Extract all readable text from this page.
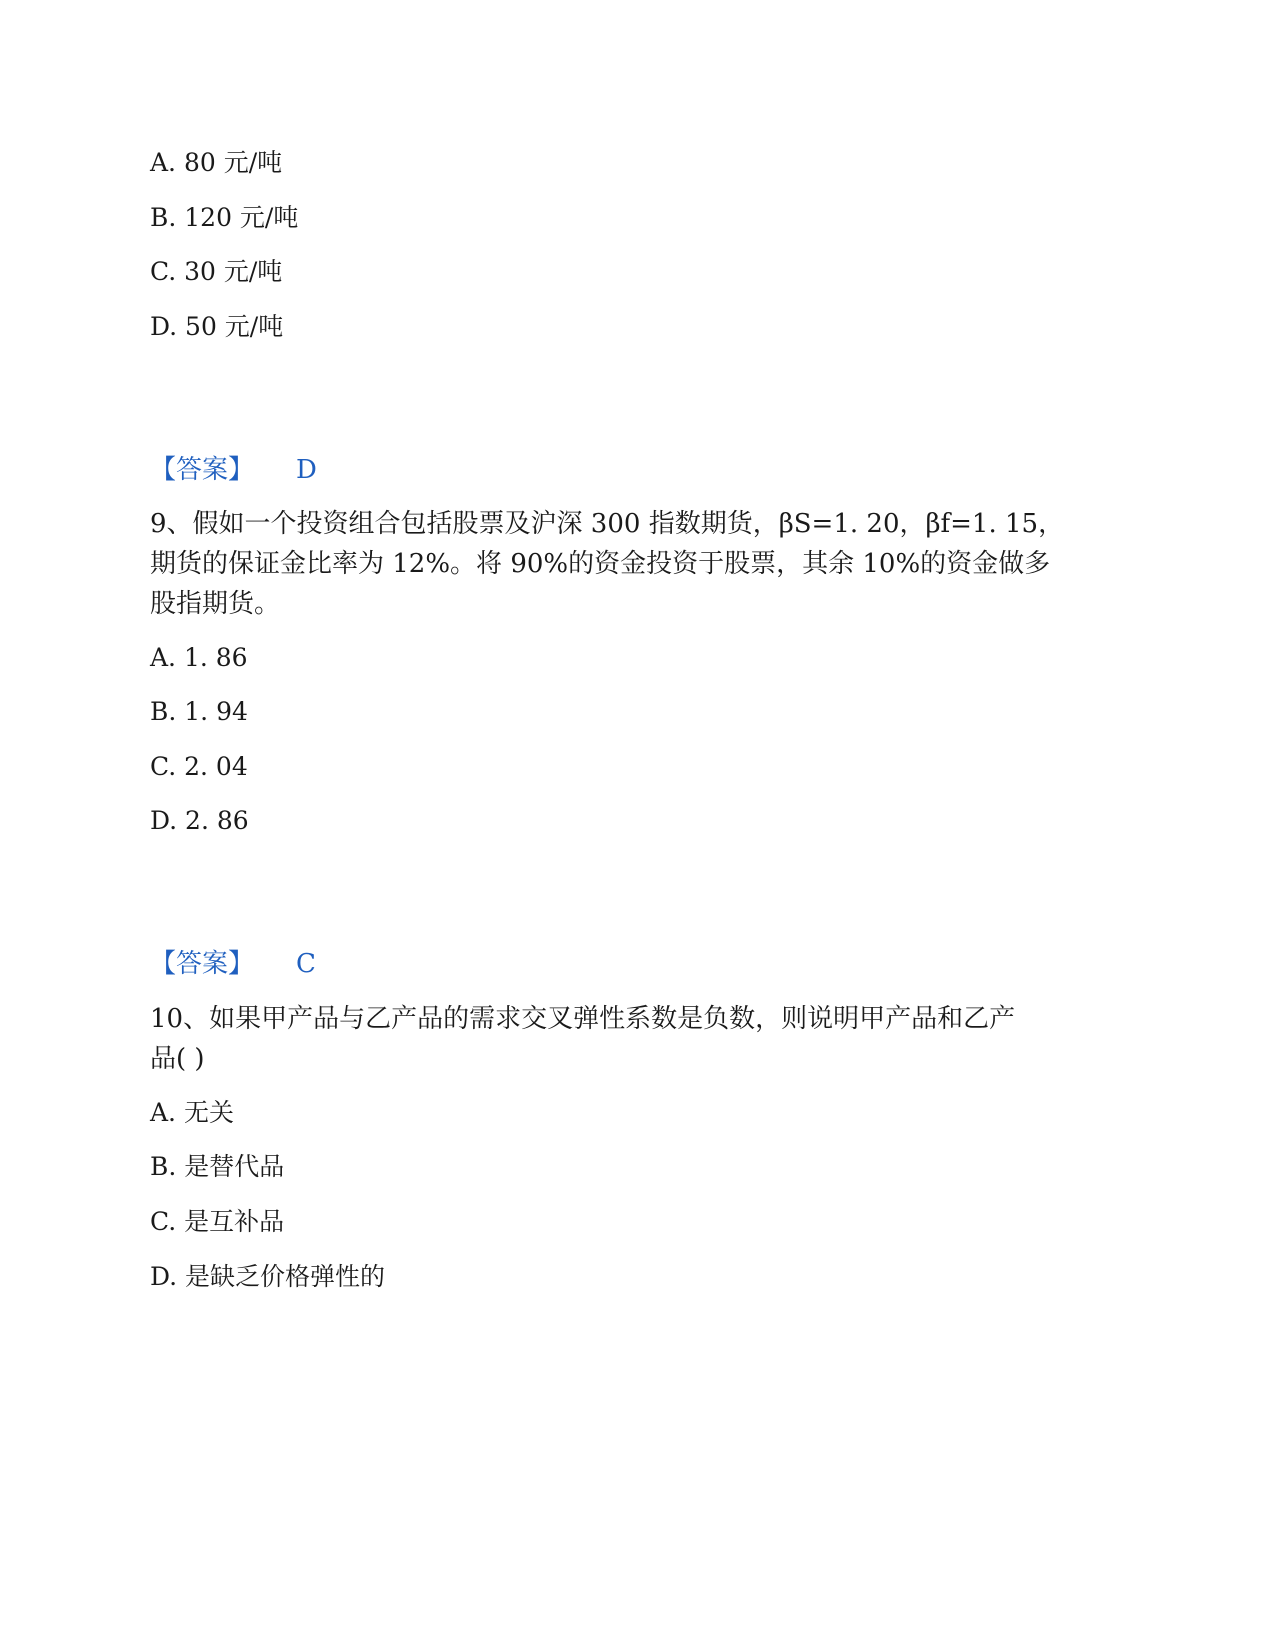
A. 80 元/吨
B. 120 元/吨
C. 30 元/吨
D. 50 元/吨
【答案】 D
9、假如一个投资组合包括股票及沪深 300 指数期货，βS=1. 20，βf=1. 15，
期货的保证金比率为 12%。将 90%的资金投资于股票，其余 10%的资金做多
股指期货。
A. 1. 86
B. 1. 94
C. 2. 04
D. 2. 86
【答案】 C
10、如果甲产品与乙产品的需求交叉弹性系数是负数，则说明甲产品和乙产
品( )
A. 无关
B. 是替代品
C. 是互补品
D. 是缺乏价格弹性的
